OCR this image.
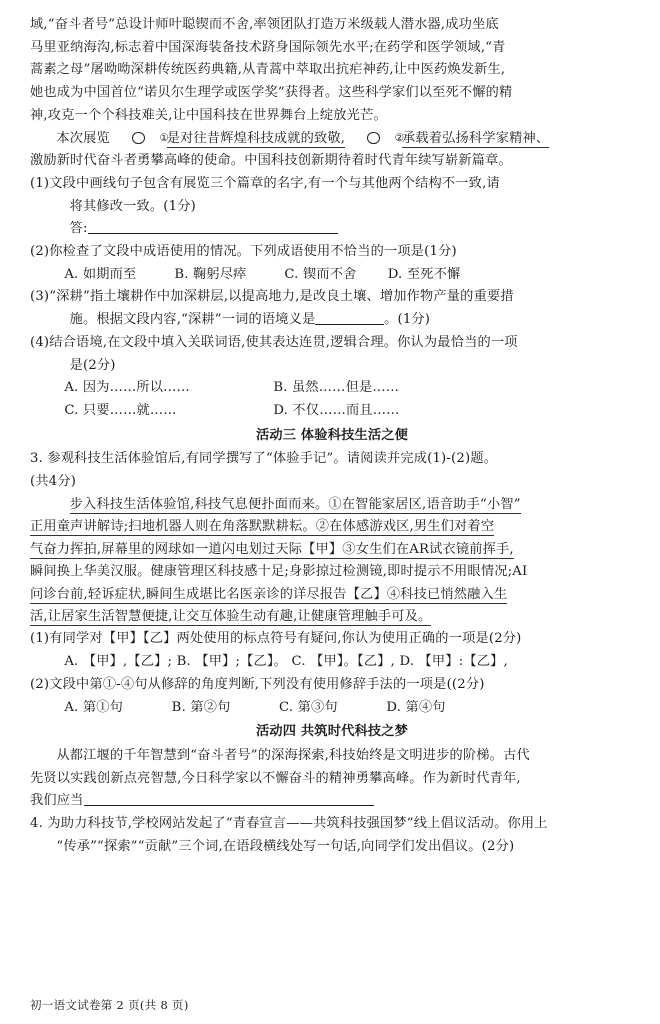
域,“奋斗者号”总设计师叶聪锲而不舍,率领团队打造万米级载人潜水器,成功坐底

马里亚纳海沟,标志着中国深海装备技术跻身国际领先水平;在药学和医学领域,“青

蒿素之母”屠呦呦深耕传统医药典籍,从青蒿中萃取出抗疟神药,让中医药焕发新生,

她也成为中国首位“诺贝尔生理学或医学奖”获得者。这些科学家们以至死不懈的精

神,攻克一个个科技难关,让中国科技在世界舞台上绽放光芒。

本次展览	①  是对往昔辉煌科技成就的致敬,	②  承载着弘扬科学家精神、

激励新时代奋斗者勇攀高峰的使命。中国科技创新期待着时代青年续写崭新篇章。

(1)文段中画线句子包含有展览三个篇章的名字,有一个与其他两个结构不一致,请

将其修改一致。(1分)

答:

(2)你检查了文段中成语使用的情况。下列成语使用不恰当的一项是(1分)

A. 如期而至	B. 鞠躬尽瘁	C. 锲而不舍 D. 至死不懈

(3)“深耕”指土壤耕作中加深耕层,以提高地力,是改良土壤、增加作物产量的重要措

施。根据文段内容,“深耕”一词的语境义是	。(1分)

(4)结合语境,在文段中填入关联词语,使其表达连贯,逻辑合理。你认为最恰当的一项

是(2分)

A. 因为……所以……	B. 虽然……但是……

C. 只要……就……	D. 不仅……而且……

活动三 体验科技生活之便

3. 参观科技生活体验馆后,有同学撰写了“体验手记”。请阅读并完成(1)-(2)题。

(共4分)

步入科技生活体验馆,科技气息便扑面而来。①在智能家居区,语音助手“小智”

正用童声讲解诗;扫地机器人则在角落默默耕耘。②在体感游戏区,男生们对着空

气奋力挥拍,屏幕里的网球如一道闪电划过天际【甲】③女生们在AR试衣镜前挥手,

瞬间换上华美汉服。健康管理区科技感十足;身影掠过检测镜,即时提示不用眼情况;AI

问诊台前,轻诉症状,瞬间生成堪比名医亲诊的详尽报告【乙】④科技已悄然融入生

活,让居家生活智慧便捷,让交互体验生动有趣,让健康管理触手可及。

(1)有同学对【甲】【乙】两处使用的标点符号有疑问,你认为使用正确的一项是(2分)

A. 【甲】,【乙】; B. 【甲】;【乙】。 C. 【甲】。【乙】, D. 【甲】:【乙】,

(2)文段中第①-④句从修辞的角度判断,下列没有使用修辞手法的一项是((2分)

A. 第①句	B. 第②句	C. 第③句	D. 第④句

活动四 共筑时代科技之梦

从都江堰的千年智慧到“奋斗者号”的深海探索,科技始终是文明进步的阶梯。古代

先贤以实践创新点亮智慧,今日科学家以不懈奋斗的精神勇攀高峰。作为新时代青年,

我们应当

4. 为助力科技节,学校网站发起了“青春宣言——共筑科技强国梦”线上倡议活动。你用上

“传承”“探索”“贡献”三个词,在语段横线处写一句话,向同学们发出倡议。(2分)

初一语文试卷第 2 页(共 8 页)
